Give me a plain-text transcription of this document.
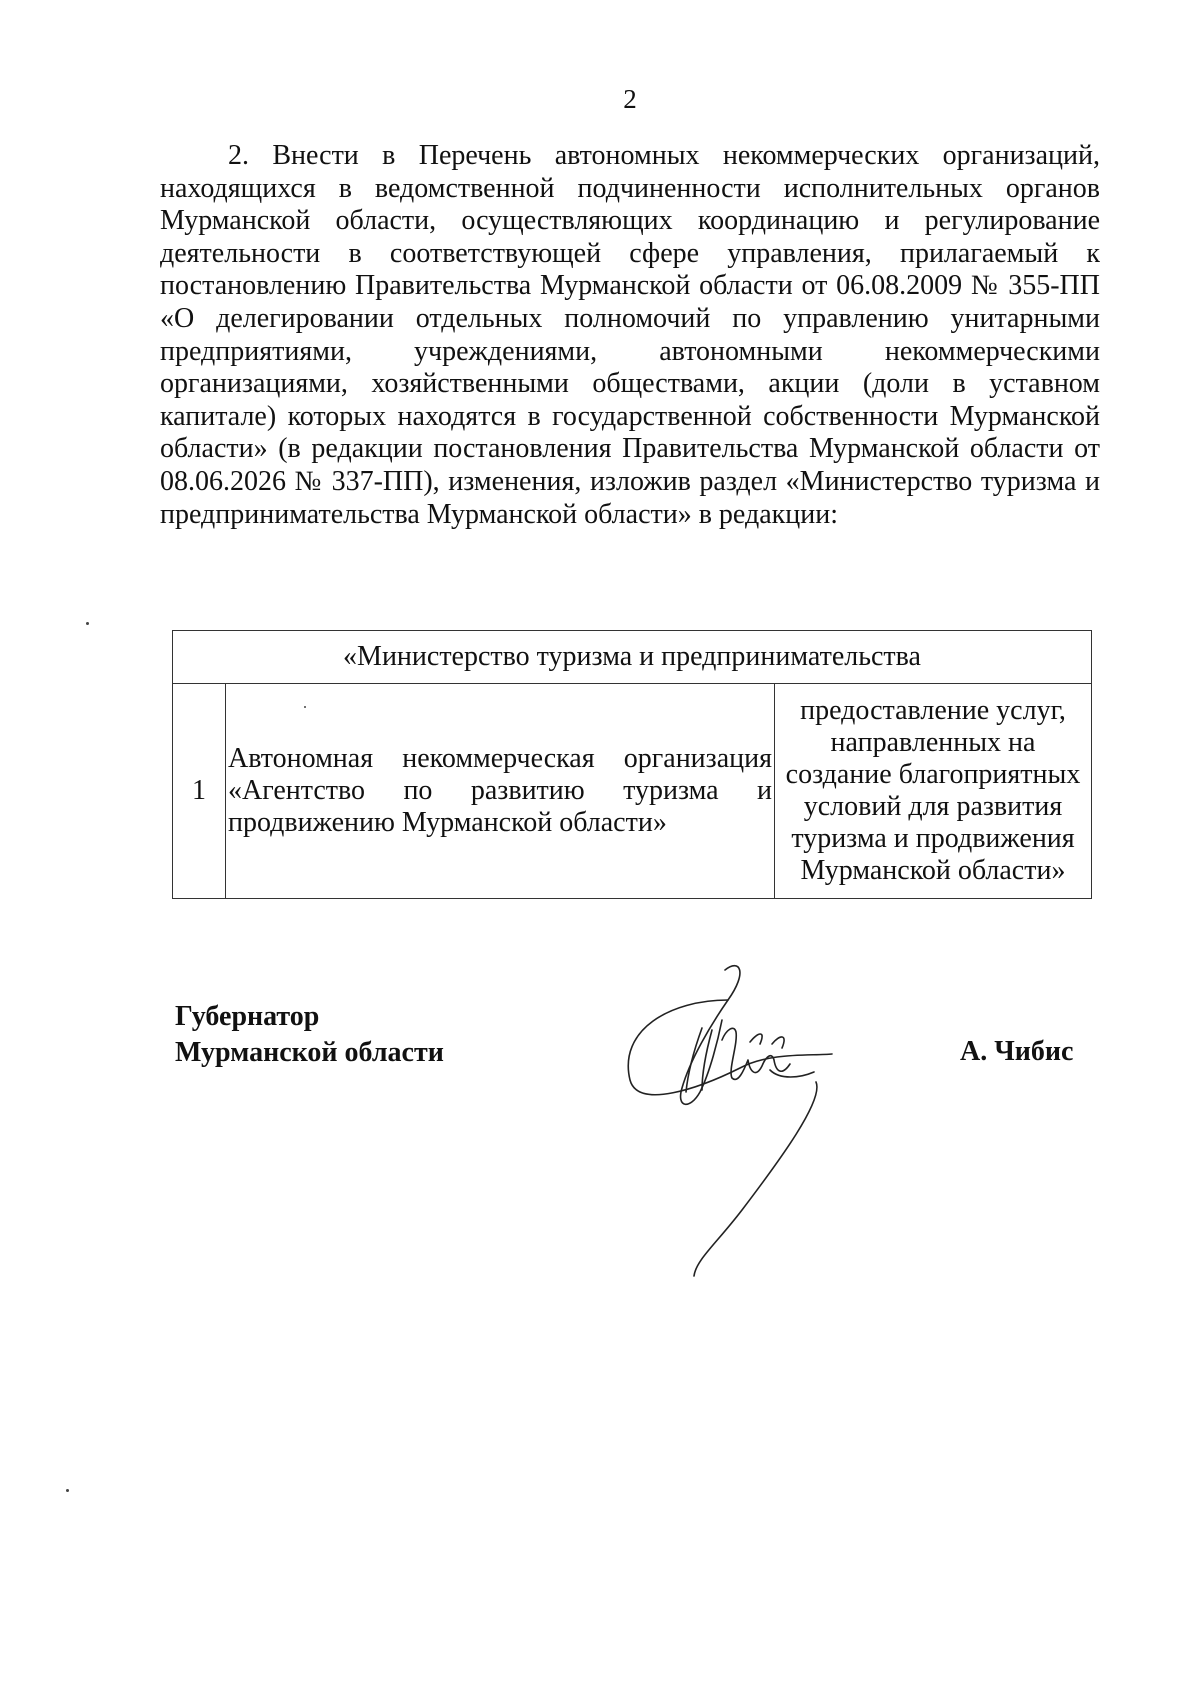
2

2. Внести в Перечень автономных некоммерческих организаций, находящихся в ведомственной подчиненности исполнительных органов Мурманской области, осуществляющих координацию и регулирование деятельности в соответствующей сфере управления, прилагаемый к постановлению Правительства Мурманской области от 06.08.2009 № 355-ПП «О делегировании отдельных полномочий по управлению унитарными предприятиями, учреждениями, автономными некоммерческими организациями, хозяйственными обществами, акции (доли в уставном капитале) которых находятся в государственной собственности Мурманской области» (в редакции постановления Правительства Мурманской области от 08.06.2026 № 337-ПП), изменения, изложив раздел «Министерство туризма и предпринимательства Мурманской области» в редакции:

«Министерство туризма и предпринимательства
1	Автономная некоммерческая организация «Агентство по развитию туризма и продвижению Мурманской области»	предоставление услуг, направленных на создание благоприятных условий для развития туризма и продвижения Мурманской области»
Губернатор
Мурманской области	А. Чибис
